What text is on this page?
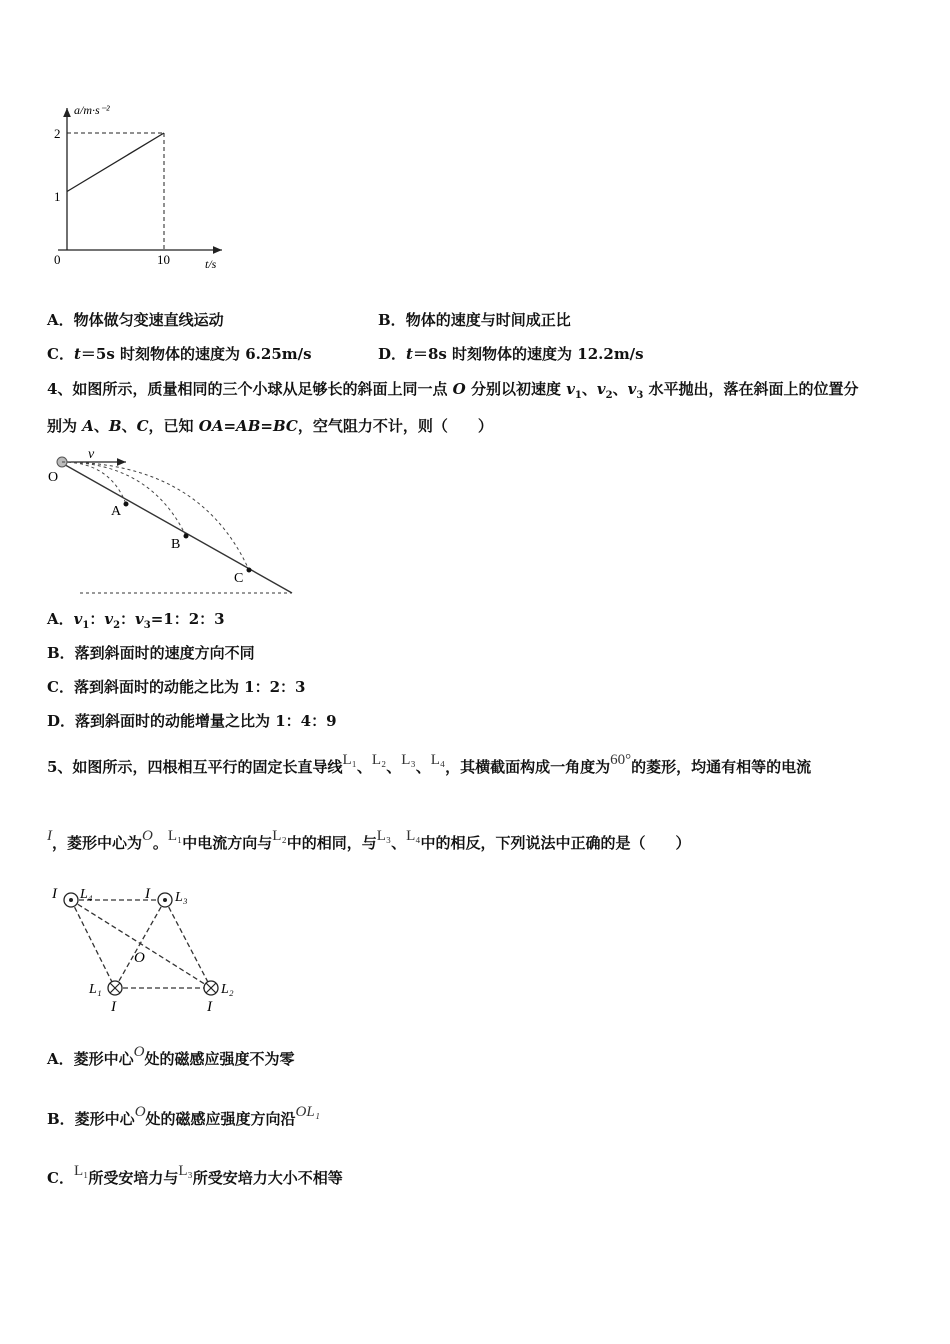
a/m·s⁻²
2
1
0	10	t/s
A．物体做匀变速直线运动	B．物体的速度与时间成正比
C．t＝5s 时刻物体的速度为 6.25m/s	D．t＝8s 时刻物体的速度为 12.2m/s
4、如图所示，质量相同的三个小球从足够长的斜面上同一点 O 分别以初速度 $v_1$、$v_2$、$v_3$ 水平抛出，落在斜面上的位置分
别为 A、B、C，已知 OA=AB=BC，空气阻力不计，则（　　）
v
O
A
B
C
A．$v_1$：$v_2$：$v_3=1$：2：3
B．落到斜面时的速度方向不同
C．落到斜面时的动能之比为 1：2：3
D．落到斜面时的动能增量之比为 1：4：9
5、如图所示，四根相互平行的固定长直导线L₁、L₂、L₃、L₄，其横截面构成一角度为60°的菱形，均通有相等的电流
I，菱形中心为O。L₁中电流方向与L₂中的相同，与L₃、L₄中的相反，下列说法中正确的是（　　）
I L₄	I L₃
O
L₁
I
L₂
I
A．菱形中心O处的磁感应强度不为零
B．菱形中心O处的磁感应强度方向沿OL₁
C．L₁所受安培力与L₃所受安培力大小不相等
